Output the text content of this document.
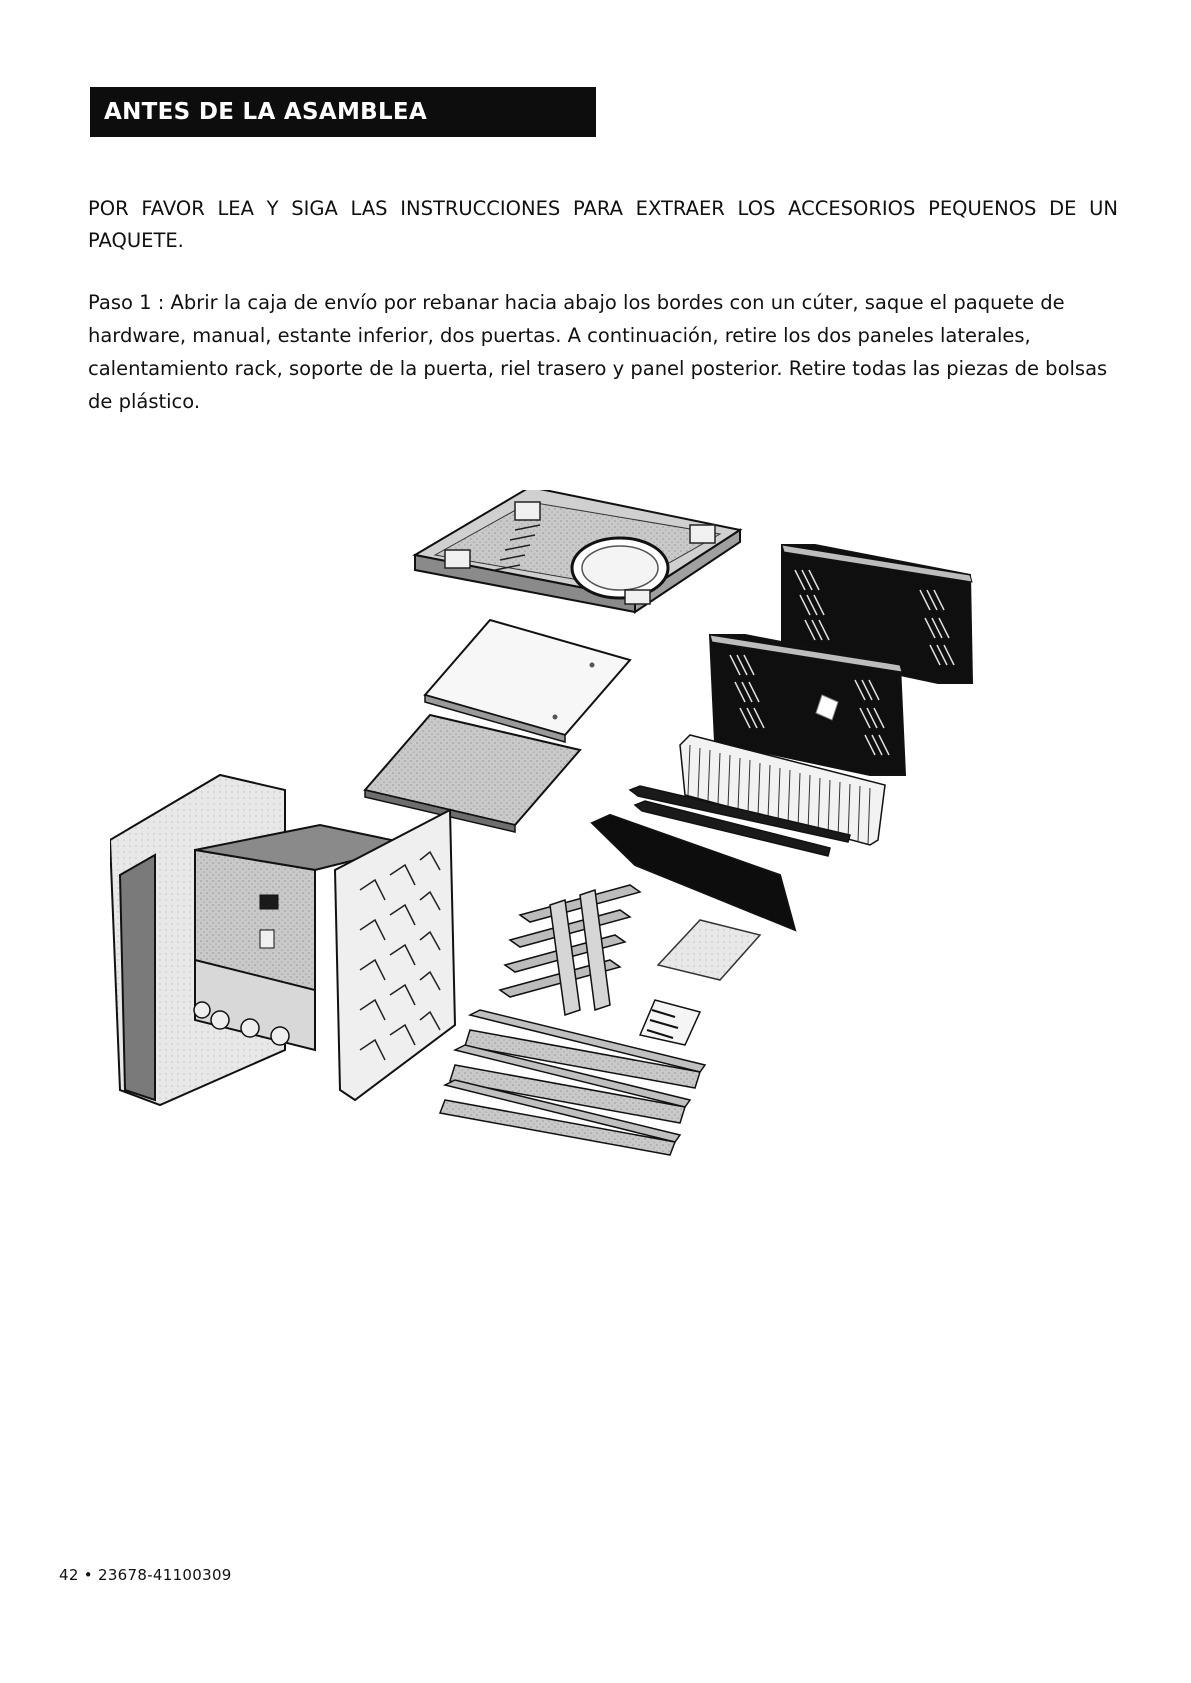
ANTES DE LA ASAMBLEA
POR FAVOR LEA Y SIGA LAS INSTRUCCIONES PARA EXTRAER LOS ACCESORIOS PEQUENOS DE UN PAQUETE.
Paso 1 : Abrir la caja de envío por rebanar hacia abajo los bordes con un cúter, saque el paquete de hardware, manual, estante inferior, dos puertas. A continuación, retire los dos paneles laterales, calentamiento rack, soporte de la puerta, riel trasero y panel posterior. Retire todas las piezas de bolsas de plástico.
42 • 23678-41100309
